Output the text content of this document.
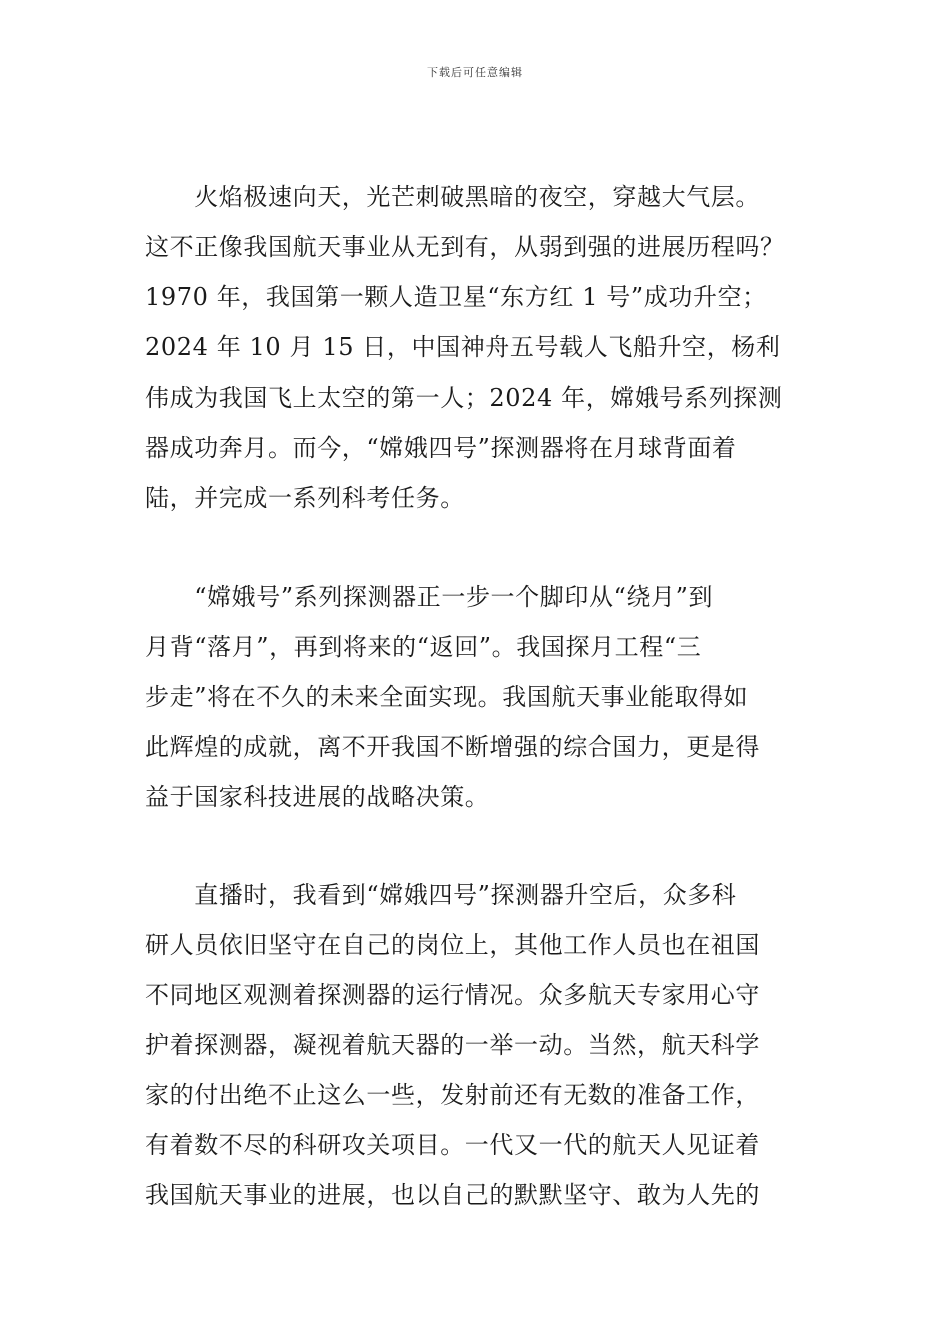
下载后可任意编辑
　　火焰极速向天，光芒刺破黑暗的夜空，穿越大气层。
这不正像我国航天事业从无到有，从弱到强的进展历程吗？
1970 年，我国第一颗人造卫星“东方红 1 号”成功升空；
2024 年 10 月 15 日，中国神舟五号载人飞船升空，杨利
伟成为我国飞上太空的第一人；2024 年，嫦娥号系列探测
器成功奔月。而今，“嫦娥四号”探测器将在月球背面着
陆，并完成一系列科考任务。
　　“嫦娥号”系列探测器正一步一个脚印从“绕月”到
月背“落月”，再到将来的“返回”。我国探月工程“三
步走”将在不久的未来全面实现。我国航天事业能取得如
此辉煌的成就，离不开我国不断增强的综合国力，更是得
益于国家科技进展的战略决策。
　　直播时，我看到“嫦娥四号”探测器升空后，众多科
研人员依旧坚守在自己的岗位上，其他工作人员也在祖国
不同地区观测着探测器的运行情况。众多航天专家用心守
护着探测器，凝视着航天器的一举一动。当然，航天科学
家的付出绝不止这么一些，发射前还有无数的准备工作，
有着数不尽的科研攻关项目。一代又一代的航天人见证着
我国航天事业的进展，也以自己的默默坚守、敢为人先的
